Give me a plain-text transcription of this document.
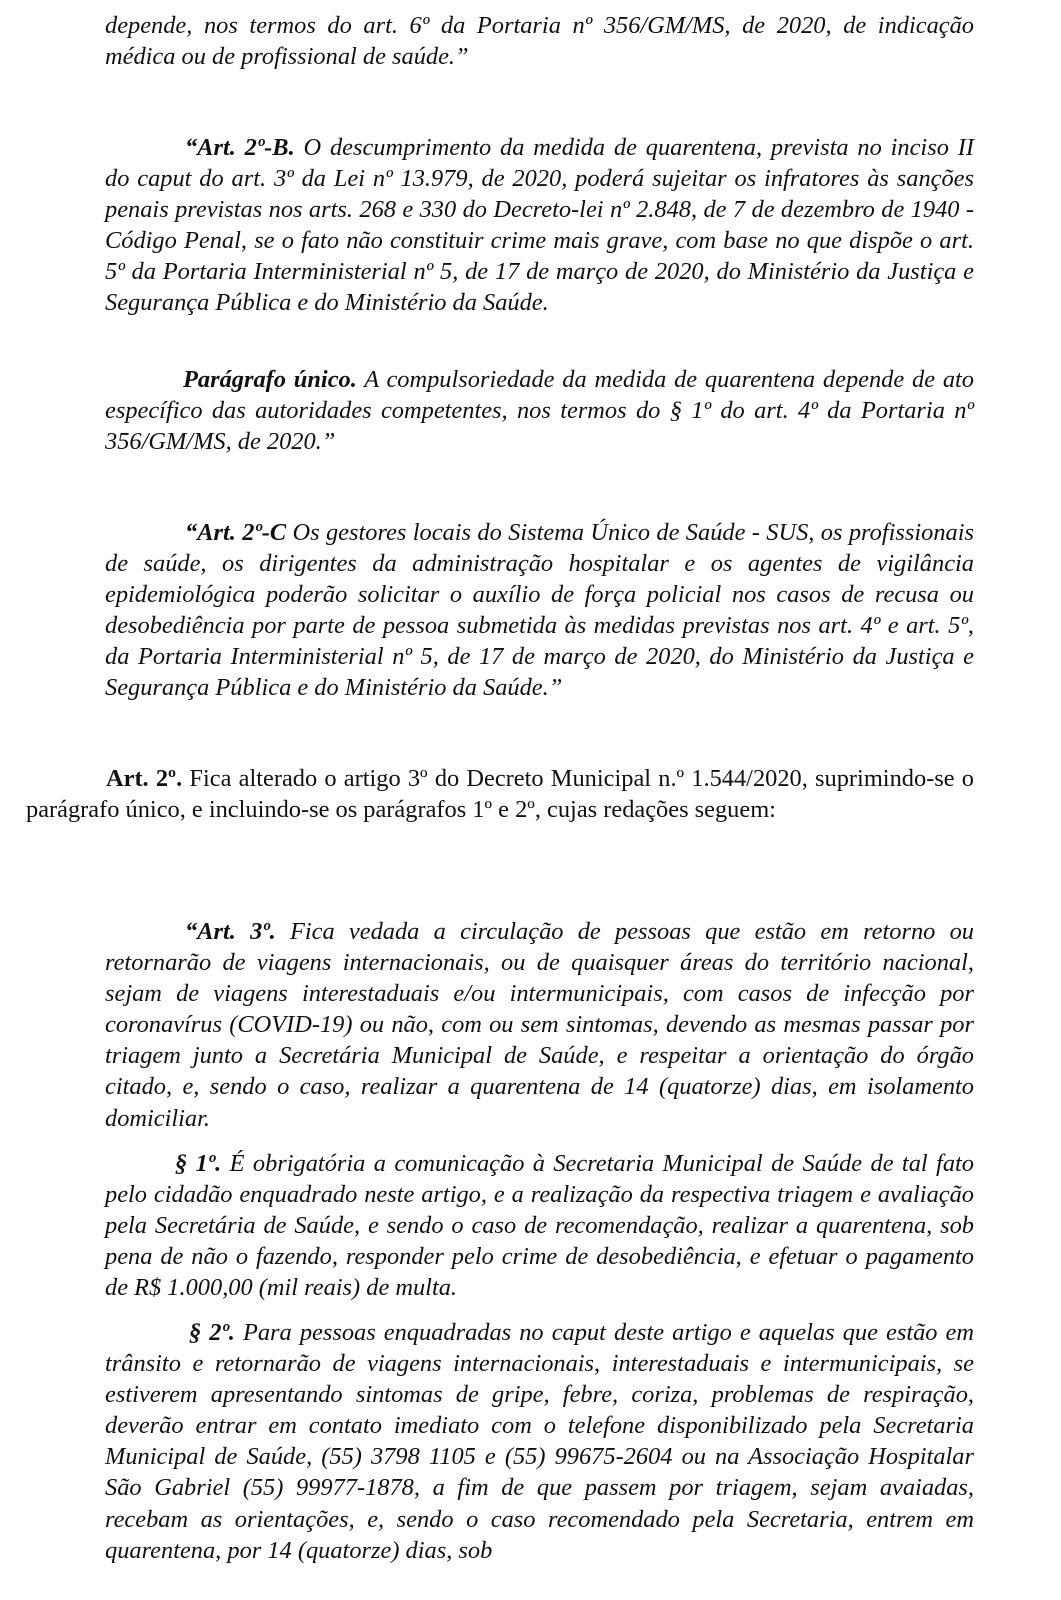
depende, nos termos do art. 6º da Portaria nº 356/GM/MS, de 2020, de indicação médica ou de profissional de saúde.”

“Art. 2º-B. O descumprimento da medida de quarentena, prevista no inciso II do caput do art. 3º da Lei nº 13.979, de 2020, poderá sujeitar os infratores às sanções penais previstas nos arts. 268 e 330 do Decreto-lei nº 2.848, de 7 de dezembro de 1940 - Código Penal, se o fato não constituir crime mais grave, com base no que dispõe o art. 5º da Portaria Interministerial nº 5, de 17 de março de 2020, do Ministério da Justiça e Segurança Pública e do Ministério da Saúde.

Parágrafo único. A compulsoriedade da medida de quarentena depende de ato específico das autoridades competentes, nos termos do § 1º do art. 4º da Portaria nº 356/GM/MS, de 2020.”

“Art. 2º-C Os gestores locais do Sistema Único de Saúde - SUS, os profissionais de saúde, os dirigentes da administração hospitalar e os agentes de vigilância epidemiológica poderão solicitar o auxílio de força policial nos casos de recusa ou desobediência por parte de pessoa submetida às medidas previstas nos art. 4º e art. 5º, da Portaria Interministerial nº 5, de 17 de março de 2020, do Ministério da Justiça e Segurança Pública e do Ministério da Saúde.”

Art. 2º. Fica alterado o artigo 3º do Decreto Municipal n.º 1.544/2020, suprimindo-se o parágrafo único, e incluindo-se os parágrafos 1º e 2º, cujas redações seguem:

“Art. 3º. Fica vedada a circulação de pessoas que estão em retorno ou retornarão de viagens internacionais, ou de quaisquer áreas do território nacional, sejam de viagens interestaduais e/ou intermunicipais, com casos de infecção por coronavírus (COVID-19) ou não, com ou sem sintomas, devendo as mesmas passar por triagem junto a Secretária Municipal de Saúde, e respeitar a orientação do órgão citado, e, sendo o caso, realizar a quarentena de 14 (quatorze) dias, em isolamento domiciliar.

§ 1º. É obrigatória a comunicação à Secretaria Municipal de Saúde de tal fato pelo cidadão enquadrado neste artigo, e a realização da respectiva triagem e avaliação pela Secretária de Saúde, e sendo o caso de recomendação, realizar a quarentena, sob pena de não o fazendo, responder pelo crime de desobediência, e efetuar o pagamento de R$ 1.000,00 (mil reais) de multa.

§ 2º. Para pessoas enquadradas no caput deste artigo e aquelas que estão em trânsito e retornarão de viagens internacionais, interestaduais e intermunicipais, se estiverem apresentando sintomas de gripe, febre, coriza, problemas de respiração, deverão entrar em contato imediato com o telefone disponibilizado pela Secretaria Municipal de Saúde, (55) 3798 1105 e (55) 99675-2604 ou na Associação Hospitalar São Gabriel (55) 99977-1878, a fim de que passem por triagem, sejam avaiadas, recebam as orientações, e, sendo o caso recomendado pela Secretaria, entrem em quarentena, por 14 (quatorze) dias, sob
